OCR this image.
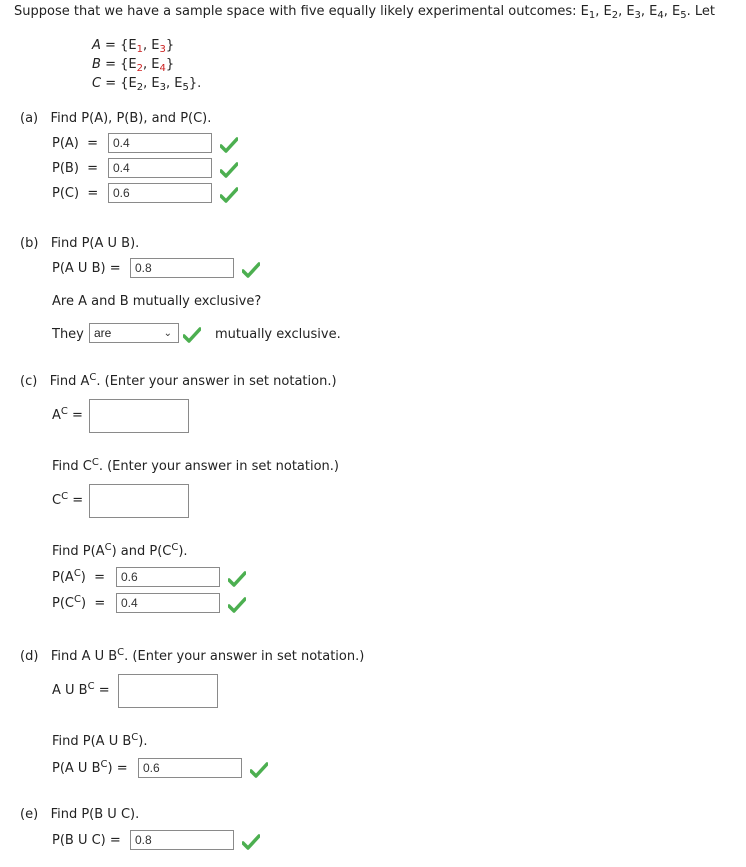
Suppose that we have a sample space with five equally likely experimental outcomes: $E_1$, $E_2$, $E_3$, $E_4$, $E_5$. Let
$A = \{E_1$, $E_3$}
$B = \{E_2$, $E_4$}
$C = \{E_2$, $E_3$, $E_5$}.
(a) Find P(A), P(B), and P(C).
P(A)  =	0.4
P(B)  =	0.4
P(C)  =	0.6
(b) Find P(A U B).
P(A U B) =	0.8
Are A and B mutually exclusive?
They are	⌄	mutually exclusive.
(c) Find $A^C$. (Enter your answer in set notation.)
$A^C$ =
Find $C^C$. (Enter your answer in set notation.)
$C^C$ =
Find $P(A^C)$ and $P(C^C)$.
$P(A^C)$  =	0.6
$P(C^C)$  =	0.4
(d) Find A U $B^C$. (Enter your answer in set notation.)
A U $B^C$ =
Find P(A U $B^C$).
P(A U $B^C$) =	0.6
(e) Find P(B U C).
P(B U C) =	0.8
